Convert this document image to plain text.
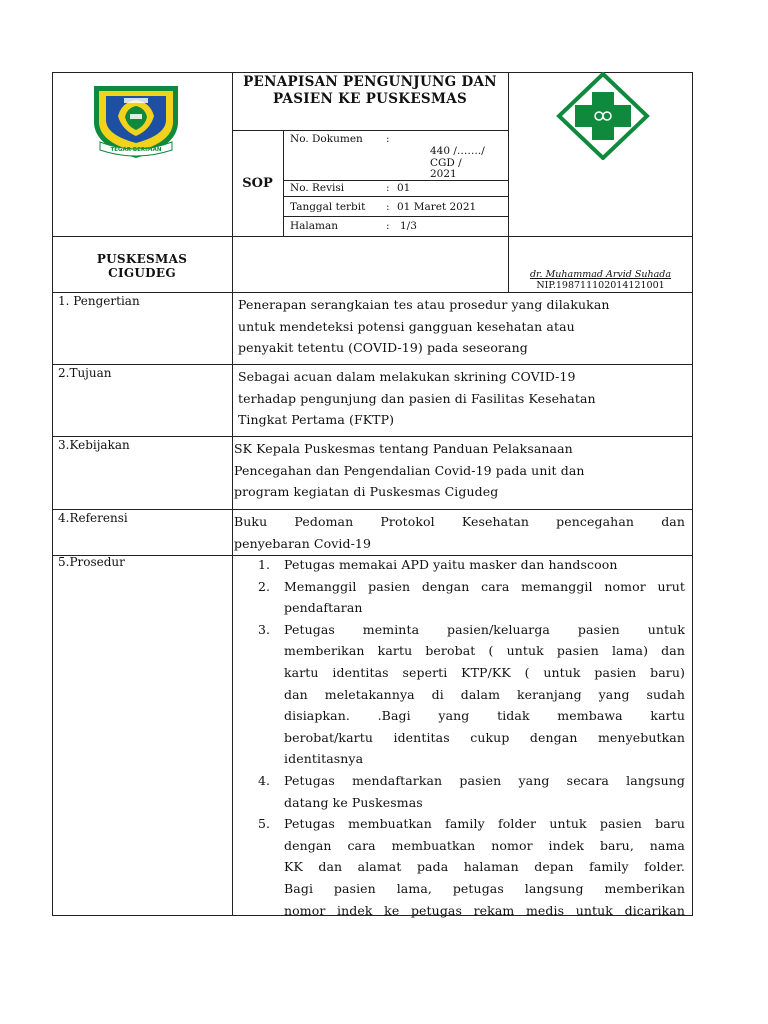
TEGAR BERIMAN
PENAPISAN PENGUNJUNG DAN PASIEN KE PUSKESMAS
SOP
No. Dokumen :
440 /……./
CGD /
2021
No. Revisi	: 01
Tanggal terbit : 01 Maret 2021
Halaman	: 1/3
PUSKESMAS
CIGUDEG	dr. Muhammad Arvid Suhada
NIP.198711102014121001
1. Pengertian	Penerapan serangkaian tes atau prosedur yang dilakukan
untuk mendeteksi potensi gangguan kesehatan atau
penyakit tetentu (COVID-19) pada seseorang
2.Tujuan	Sebagai acuan dalam melakukan skrining COVID-19
terhadap pengunjung dan pasien di Fasilitas Kesehatan
Tingkat Pertama (FKTP)
3.Kebijakan	SK Kepala Puskesmas tentang Panduan Pelaksanaan
Pencegahan dan Pengendalian Covid-19 pada unit dan
program kegiatan di Puskesmas Cigudeg
4.Referensi	Buku Pedoman Protokol Kesehatan pencegahan dan
penyebaran Covid-19
5.Prosedur	1. Petugas memakai APD yaitu masker dan handscoon
2. Memanggil pasien dengan cara memanggil nomor urut
pendaftaran
3. Petugas meminta pasien/keluarga pasien untuk
memberikan kartu berobat ( untuk pasien lama) dan
kartu identitas seperti KTP/KK ( untuk pasien baru)
dan meletakannya di dalam keranjang yang sudah
disiapkan. .Bagi yang tidak membawa kartu
berobat/kartu identitas cukup dengan menyebutkan
identitasnya
4. Petugas mendaftarkan pasien yang secara langsung
datang ke Puskesmas
5. Petugas membuatkan family folder untuk pasien baru
dengan cara membuatkan nomor indek baru, nama
KK dan alamat pada halaman depan family folder.
Bagi pasien lama, petugas langsung memberikan
nomor indek ke petugas rekam medis untuk dicarikan
